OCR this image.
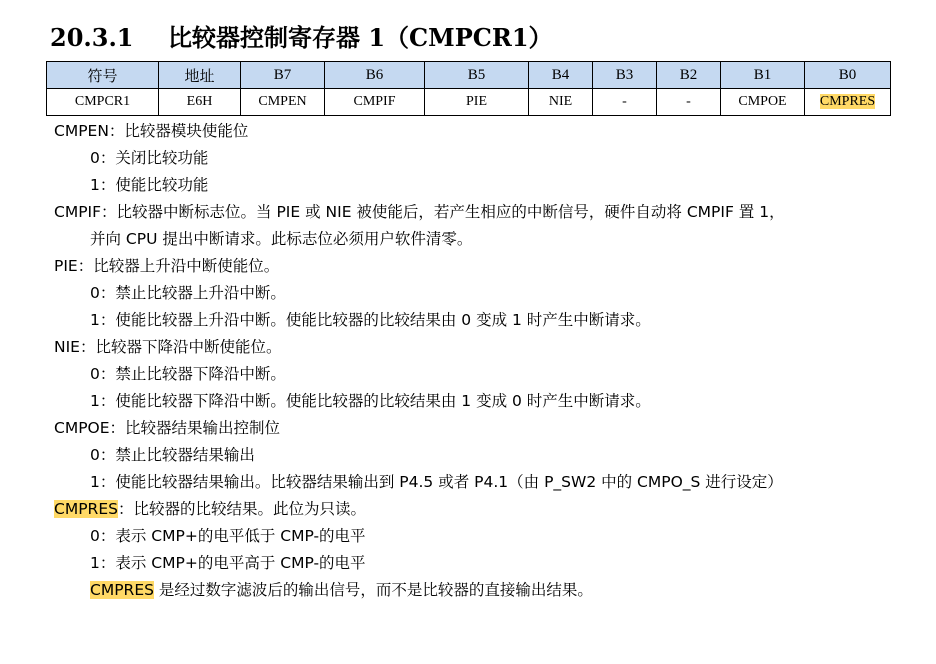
20.3.1 比较器控制寄存器 1（CMPCR1）
符号	地址	B7	B6	B5	B4	B3	B2	B1	B0
CMPCR1	E6H	CMPEN	CMPIF	PIE	NIE	-	-	CMPOE	CMPRES

CMPEN：比较器模块使能位

0：关闭比较功能

1：使能比较功能

CMPIF：比较器中断标志位。当 PIE 或 NIE 被使能后，若产生相应的中断信号，硬件自动将 CMPIF 置 1，

并向 CPU 提出中断请求。此标志位必须用户软件清零。

PIE：比较器上升沿中断使能位。

0：禁止比较器上升沿中断。

1：使能比较器上升沿中断。使能比较器的比较结果由 0 变成 1 时产生中断请求。

NIE：比较器下降沿中断使能位。

0：禁止比较器下降沿中断。

1：使能比较器下降沿中断。使能比较器的比较结果由 1 变成 0 时产生中断请求。

CMPOE：比较器结果输出控制位

0：禁止比较器结果输出

1：使能比较器结果输出。比较器结果输出到 P4.5 或者 P4.1（由 P_SW2 中的 CMPO_S 进行设定）

CMPRES：比较器的比较结果。此位为只读。

0：表示 CMP+的电平低于 CMP-的电平

1：表示 CMP+的电平高于 CMP-的电平

CMPRES 是经过数字滤波后的输出信号，而不是比较器的直接输出结果。
